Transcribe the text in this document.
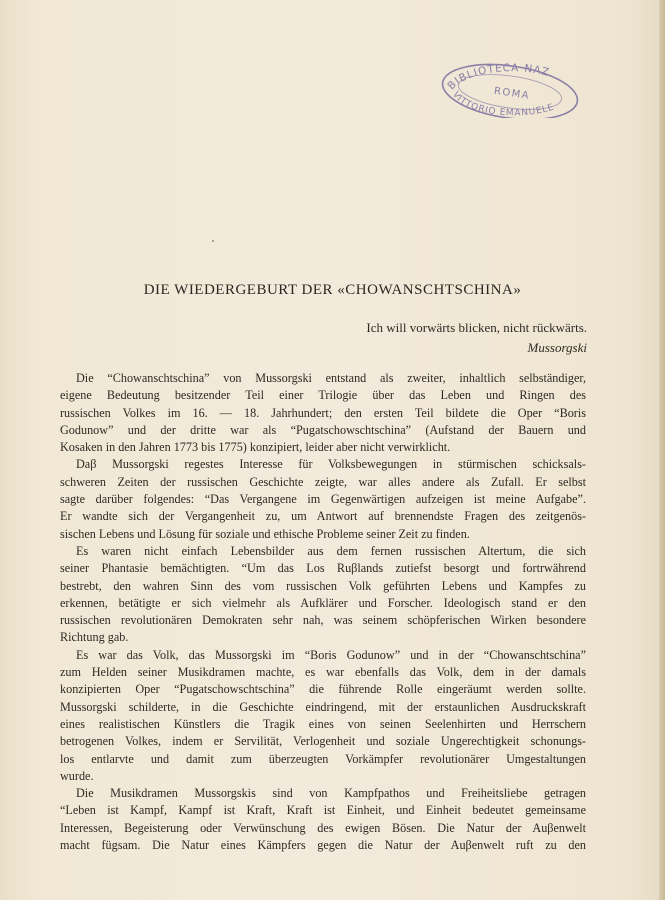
BIBLIOTECA NAZ.
ROMA
VITTORIO EMANUELE
DIE WIEDERGEBURT DER «CHOWANSCHTSCHINA»
Ich will vorwärts blicken, nicht rückwärts.
Mussorgski
Die “Chowanschtschina” von Mussorgski entstand als zweiter, inhaltlich selbständiger,
eigene Bedeutung besitzender Teil einer Trilogie über das Leben und Ringen des
russischen Volkes im 16. — 18. Jahrhundert; den ersten Teil bildete die Oper “Boris
Godunow” und der dritte war als “Pugatschowschtschina” (Aufstand der Bauern und
Kosaken in den Jahren 1773 bis 1775) konzipiert, leider aber nicht verwirklicht.
Daβ Mussorgski regestes Interesse für Volksbewegungen in stürmischen schicksals-
schweren Zeiten der russischen Geschichte zeigte, war alles andere als Zufall. Er selbst
sagte darüber folgendes: “Das Vergangene im Gegenwärtigen aufzeigen ist meine Aufgabe”.
Er wandte sich der Vergangenheit zu, um Antwort auf brennendste Fragen des zeitgenös-
sischen Lebens und Lösung für soziale und ethische Probleme seiner Zeit zu finden.
Es waren nicht einfach Lebensbilder aus dem fernen russischen Altertum, die sich
seiner Phantasie bemächtigten. “Um das Los Ruβlands zutiefst besorgt und fortrwährend
bestrebt, den wahren Sinn des vom russischen Volk geführten Lebens und Kampfes zu
erkennen, betätigte er sich vielmehr als Aufklärer und Forscher. Ideologisch stand er den
russischen revolutionären Demokraten sehr nah, was seinem schöpferischen Wirken besondere
Richtung gab.
Es war das Volk, das Mussorgski im “Boris Godunow” und in der “Chowanschtschina”
zum Helden seiner Musikdramen machte, es war ebenfalls das Volk, dem in der damals
konzipierten Oper “Pugatschowschtschina” die führende Rolle eingeräumt werden sollte.
Mussorgski schilderte, in die Geschichte eindringend, mit der erstaunlichen Ausdruckskraft
eines realistischen Künstlers die Tragik eines von seinen Seelenhirten und Herrschern
betrogenen Volkes, indem er Servilität, Verlogenheit und soziale Ungerechtigkeit schonungs-
los entlarvte und damit zum überzeugten Vorkämpfer revolutionärer Umgestaltungen
wurde.
Die Musikdramen Mussorgskis sind von Kampfpathos und Freiheitsliebe getragen
“Leben ist Kampf, Kampf ist Kraft, Kraft ist Einheit, und Einheit bedeutet gemeinsame
Interessen, Begeisterung oder Verwünschung des ewigen Bösen. Die Natur der Auβenwelt
macht fügsam. Die Natur eines Kämpfers gegen die Natur der Auβenwelt ruft zu den
